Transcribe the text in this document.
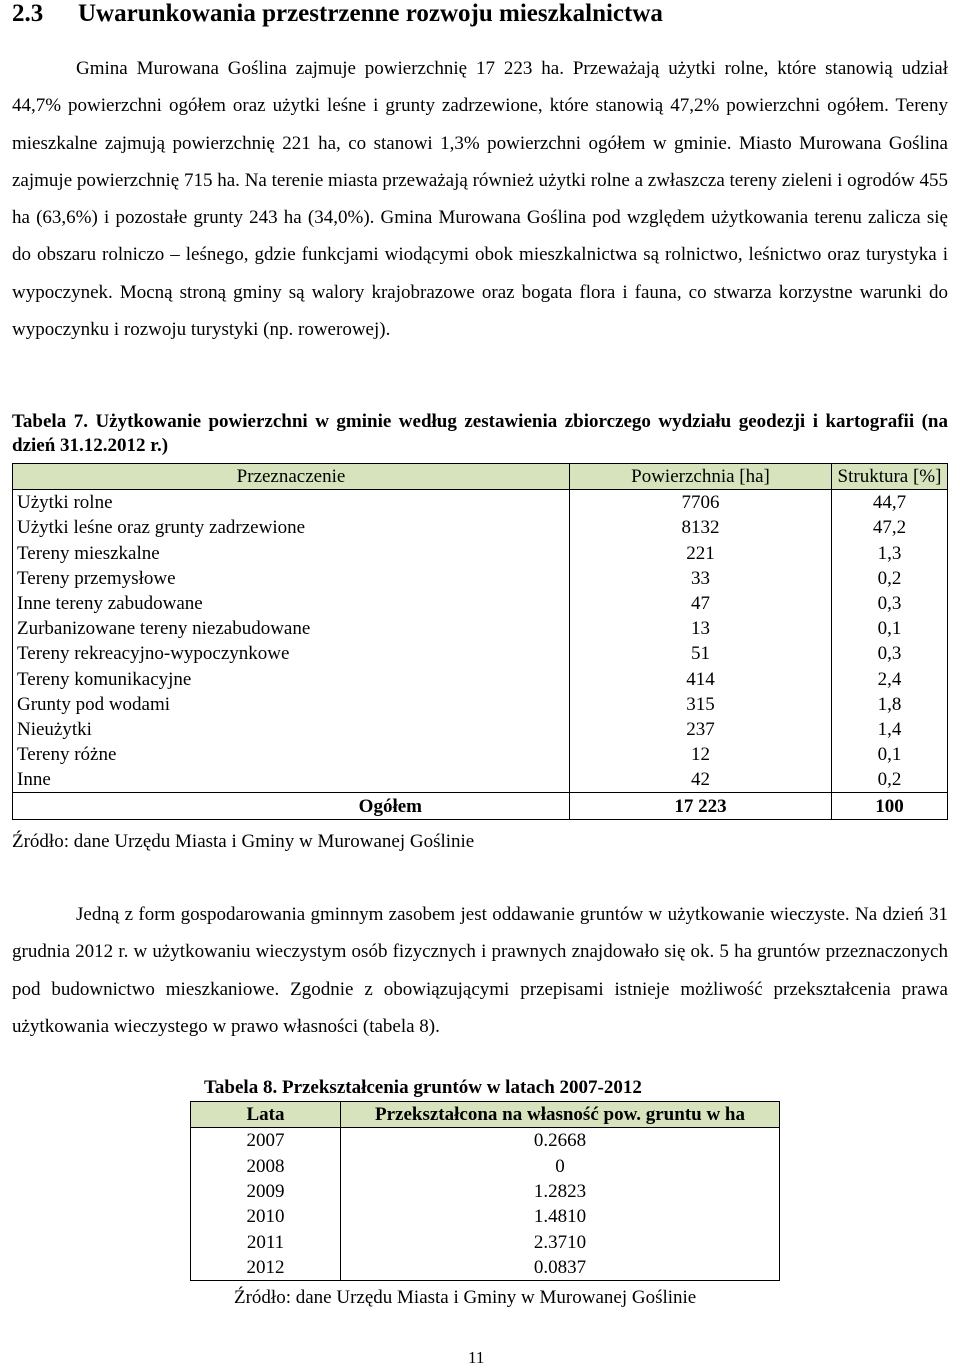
2.3 Uwarunkowania przestrzenne rozwoju mieszkalnictwa
Gmina Murowana Goślina zajmuje powierzchnię 17 223 ha. Przeważają użytki rolne, które stanowią udział 44,7% powierzchni ogółem oraz użytki leśne i grunty zadrzewione, które stanowią 47,2% powierzchni ogółem. Tereny mieszkalne zajmują powierzchnię 221 ha, co stanowi 1,3% powierzchni ogółem w gminie. Miasto Murowana Goślina zajmuje powierzchnię 715 ha. Na terenie miasta przeważają również użytki rolne a zwłaszcza tereny zieleni i ogrodów 455 ha (63,6%) i pozostałe grunty 243 ha (34,0%). Gmina Murowana Goślina pod względem użytkowania terenu zalicza się do obszaru rolniczo – leśnego, gdzie funkcjami wiodącymi obok mieszkalnictwa są rolnictwo, leśnictwo oraz turystyka i wypoczynek. Mocną stroną gminy są walory krajobrazowe oraz bogata flora i fauna, co stwarza korzystne warunki do wypoczynku i rozwoju turystyki (np. rowerowej).
Tabela 7. Użytkowanie powierzchni w gminie według zestawienia zbiorczego wydziału geodezji i kartografii (na dzień 31.12.2012 r.)
Przeznaczenie	Powierzchnia [ha]	Struktura [%]
Użytki rolne	7706	44,7
Użytki leśne oraz grunty zadrzewione	8132	47,2
Tereny mieszkalne	221	1,3
Tereny przemysłowe	33	0,2
Inne tereny zabudowane	47	0,3
Zurbanizowane tereny niezabudowane	13	0,1
Tereny rekreacyjno-wypoczynkowe	51	0,3
Tereny komunikacyjne	414	2,4
Grunty pod wodami	315	1,8
Nieużytki	237	1,4
Tereny różne	12	0,1
Inne	42	0,2
Ogółem	17 223	100
Źródło: dane Urzędu Miasta i Gminy w Murowanej Goślinie
Jedną z form gospodarowania gminnym zasobem jest oddawanie gruntów w użytkowanie wieczyste. Na dzień 31 grudnia 2012 r. w użytkowaniu wieczystym osób fizycznych i prawnych znajdowało się ok. 5 ha gruntów przeznaczonych pod budownictwo mieszkaniowe. Zgodnie z obowiązującymi przepisami istnieje możliwość przekształcenia prawa użytkowania wieczystego w prawo własności (tabela 8).
Tabela 8. Przekształcenia gruntów w latach 2007-2012
Lata	Przekształcona na własność pow. gruntu w ha
2007	0.2668
2008	0
2009	1.2823
2010	1.4810
2011	2.3710
2012	0.0837
Źródło: dane Urzędu Miasta i Gminy w Murowanej Goślinie
11
